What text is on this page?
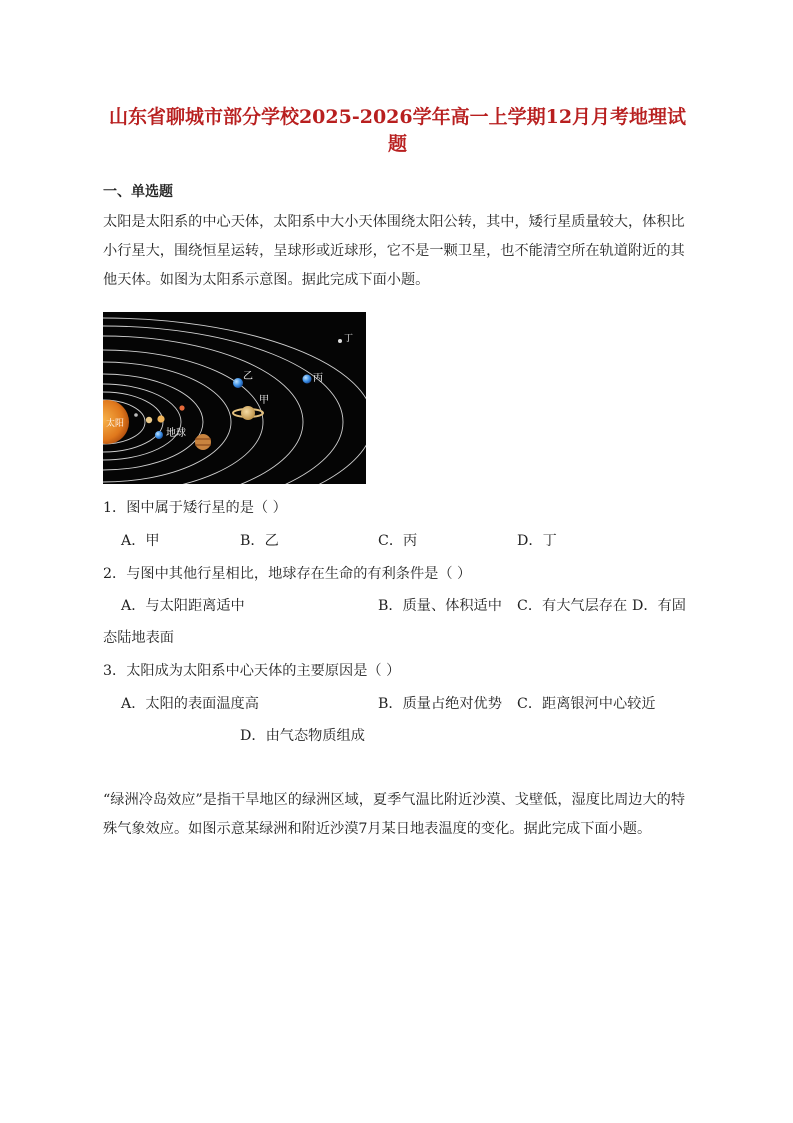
山东省聊城市部分学校2025-2026学年高一上学期12月月考地理试题
一、单选题

太阳是太阳系的中心天体，太阳系中大小天体围绕太阳公转，其中，矮行星质量较大，体积比小行星大，围绕恒星运转，呈球形或近球形，它不是一颗卫星，也不能清空所在轨道附近的其他天体。如图为太阳系示意图。据此完成下面小题。

太阳
地球
甲
乙	丙
丁
1．图中属于矮行星的是（ ）
A．甲	B．乙	C．丙	D．丁
2．与图中其他行星相比，地球存在生命的有利条件是（ ）
A．与太阳距离适中	B．质量、体积适中 C．有大气层存在 D．有固
态陆地表面
3．太阳成为太阳系中心天体的主要原因是（ ）
A．太阳的表面温度高	B．质量占绝对优势 C．距离银河中心较近
D．由气态物质组成

“绿洲冷岛效应”是指干旱地区的绿洲区域，夏季气温比附近沙漠、戈壁低，湿度比周边大的特殊气象效应。如图示意某绿洲和附近沙漠7月某日地表温度的变化。据此完成下面小题。
